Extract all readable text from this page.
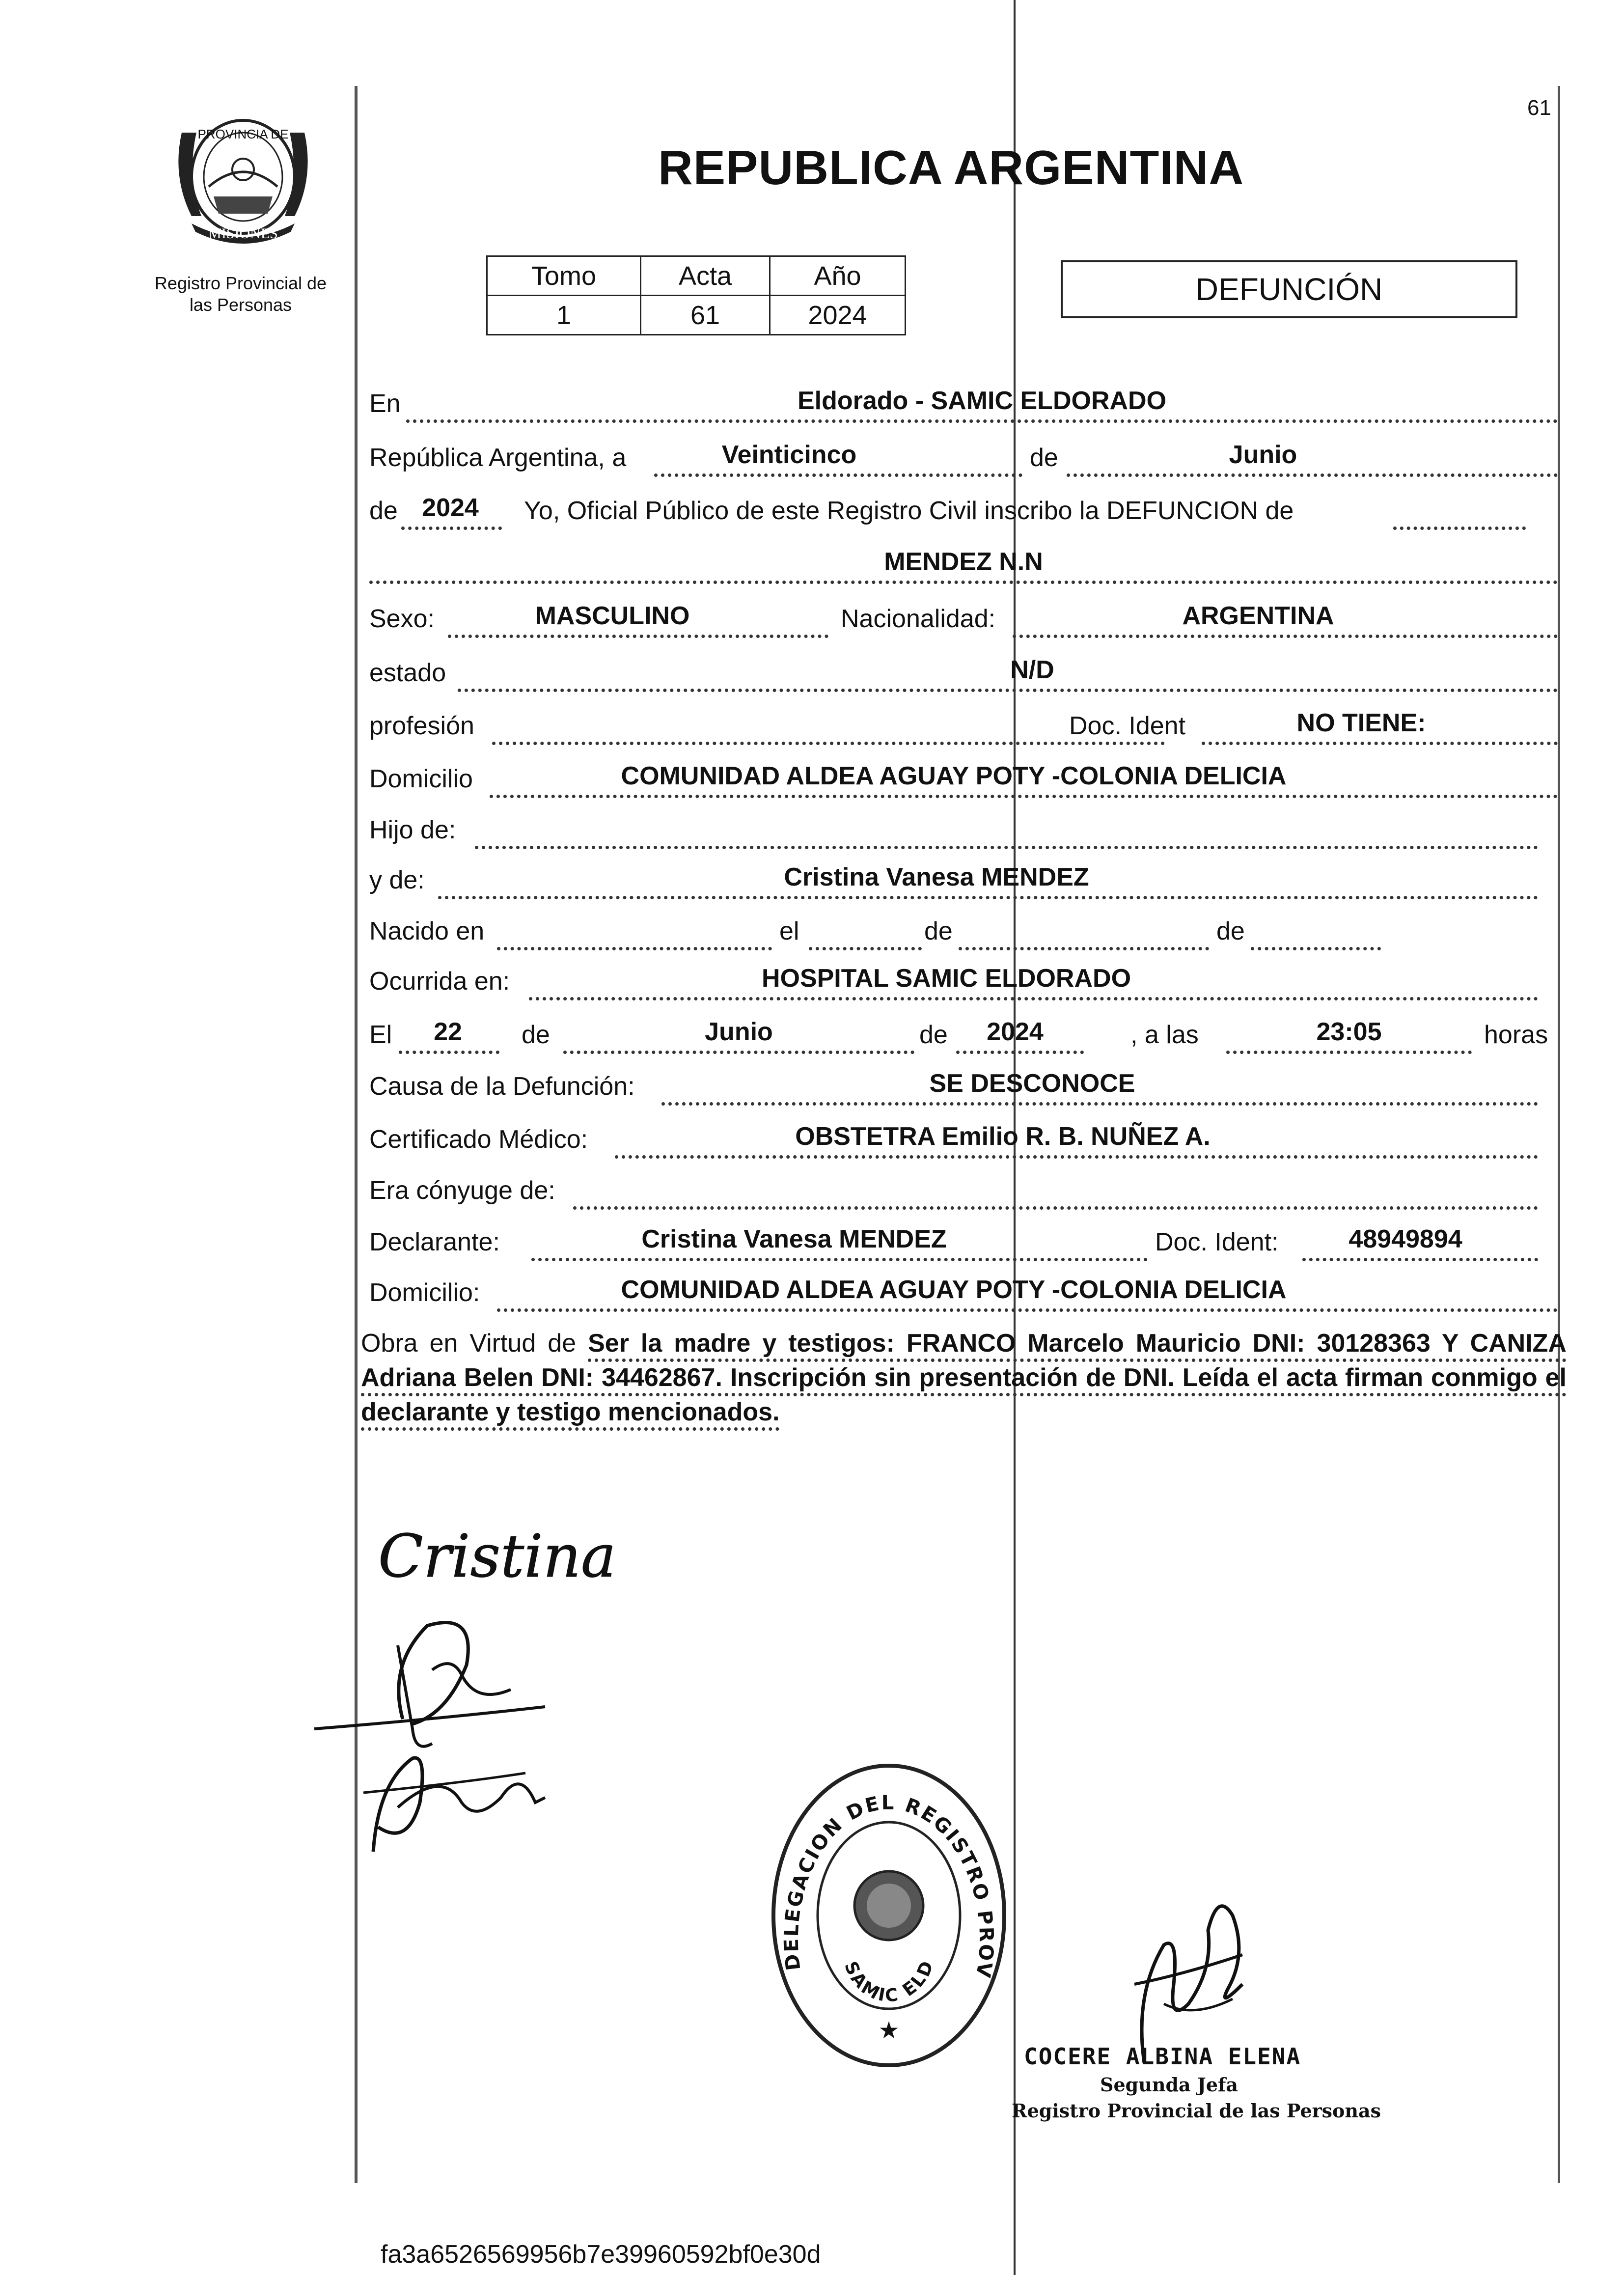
61
PROVINCIA DE
MISIONES
Registro Provincial de
las Personas
REPUBLICA ARGENTINA
Tomo	Acta	Año
1	61	2024
DEFUNCIÓN
En	Eldorado - SAMIC ELDORADO
República Argentina, a	Veinticinco	de	Junio
de 2024	Yo, Oficial Público de este Registro Civil inscribo la DEFUNCION de
MENDEZ N.N
Sexo:	MASCULINO	Nacionalidad:	ARGENTINA
estado	N/D
profesión	Doc. Ident	NO TIENE:
Domicilio	COMUNIDAD ALDEA AGUAY POTY -COLONIA DELICIA
Hijo de:
y de:	Cristina Vanesa MENDEZ
Nacido en	el	de	de
Ocurrida en:	HOSPITAL SAMIC ELDORADO
El	22	de	Junio	de	2024	, a las	23:05	horas
Causa de la Defunción:	SE DESCONOCE
Certificado Médico:	OBSTETRA Emilio R. B. NUÑEZ A.
Era cónyuge de:
Declarante:	Cristina Vanesa MENDEZ	Doc. Ident:	48949894
Domicilio:	COMUNIDAD ALDEA AGUAY POTY -COLONIA DELICIA
Obra en Virtud de Ser la madre y testigos: FRANCO Marcelo Mauricio DNI: 30128363 Y CANIZA Adriana Belen DNI: 34462867. Inscripción sin presentación de DNI. Leída el acta firman conmigo el declarante y testigo mencionados.
Cristina
DELEGACION DEL REGISTRO PROV
SAMIC ELD
★
COCERE ALBINA ELENA
Segunda Jefa
Registro Provincial de las Personas
fa3a6526569956b7e39960592bf0e30d
